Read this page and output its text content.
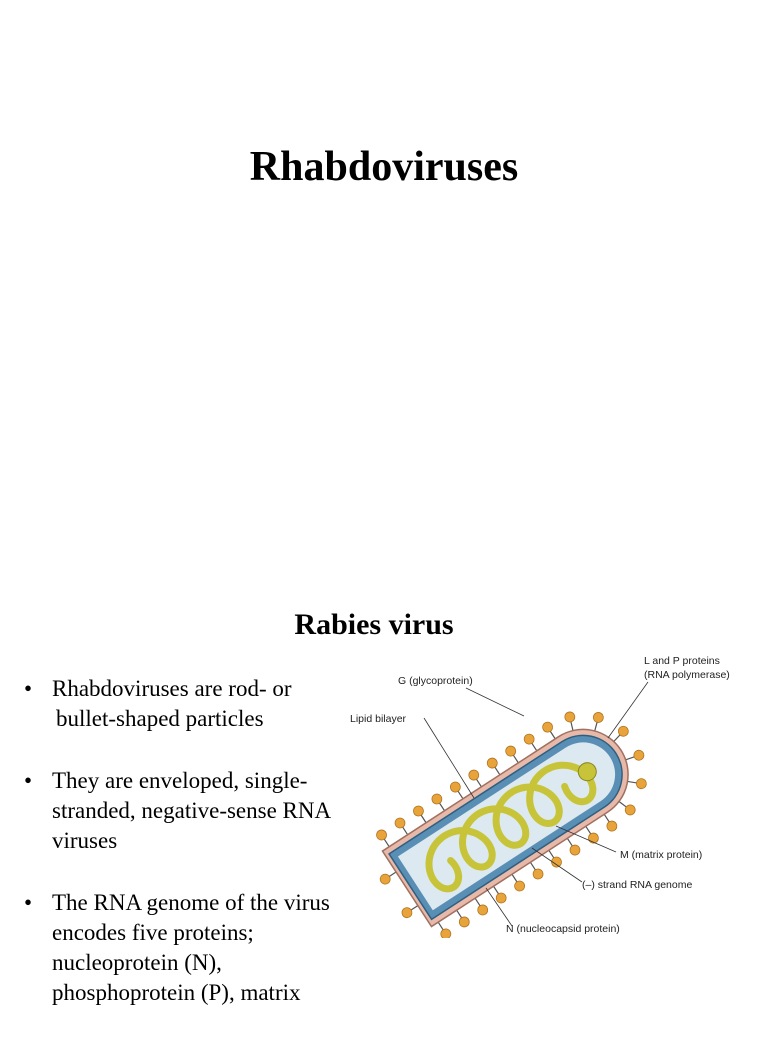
Rhabdoviruses
Rabies virus
• Rhabdoviruses are rod- or
bullet-shaped particles
• They are enveloped, single-
stranded, negative-sense RNA
viruses
• The RNA genome of the virus
encodes five proteins;
nucleoprotein (N),
phosphoprotein (P), matrix
L and P proteins
(RNA polymerase)
G (glycoprotein)
Lipid bilayer
M (matrix protein)
(–) strand RNA genome
N (nucleocapsid protein)
